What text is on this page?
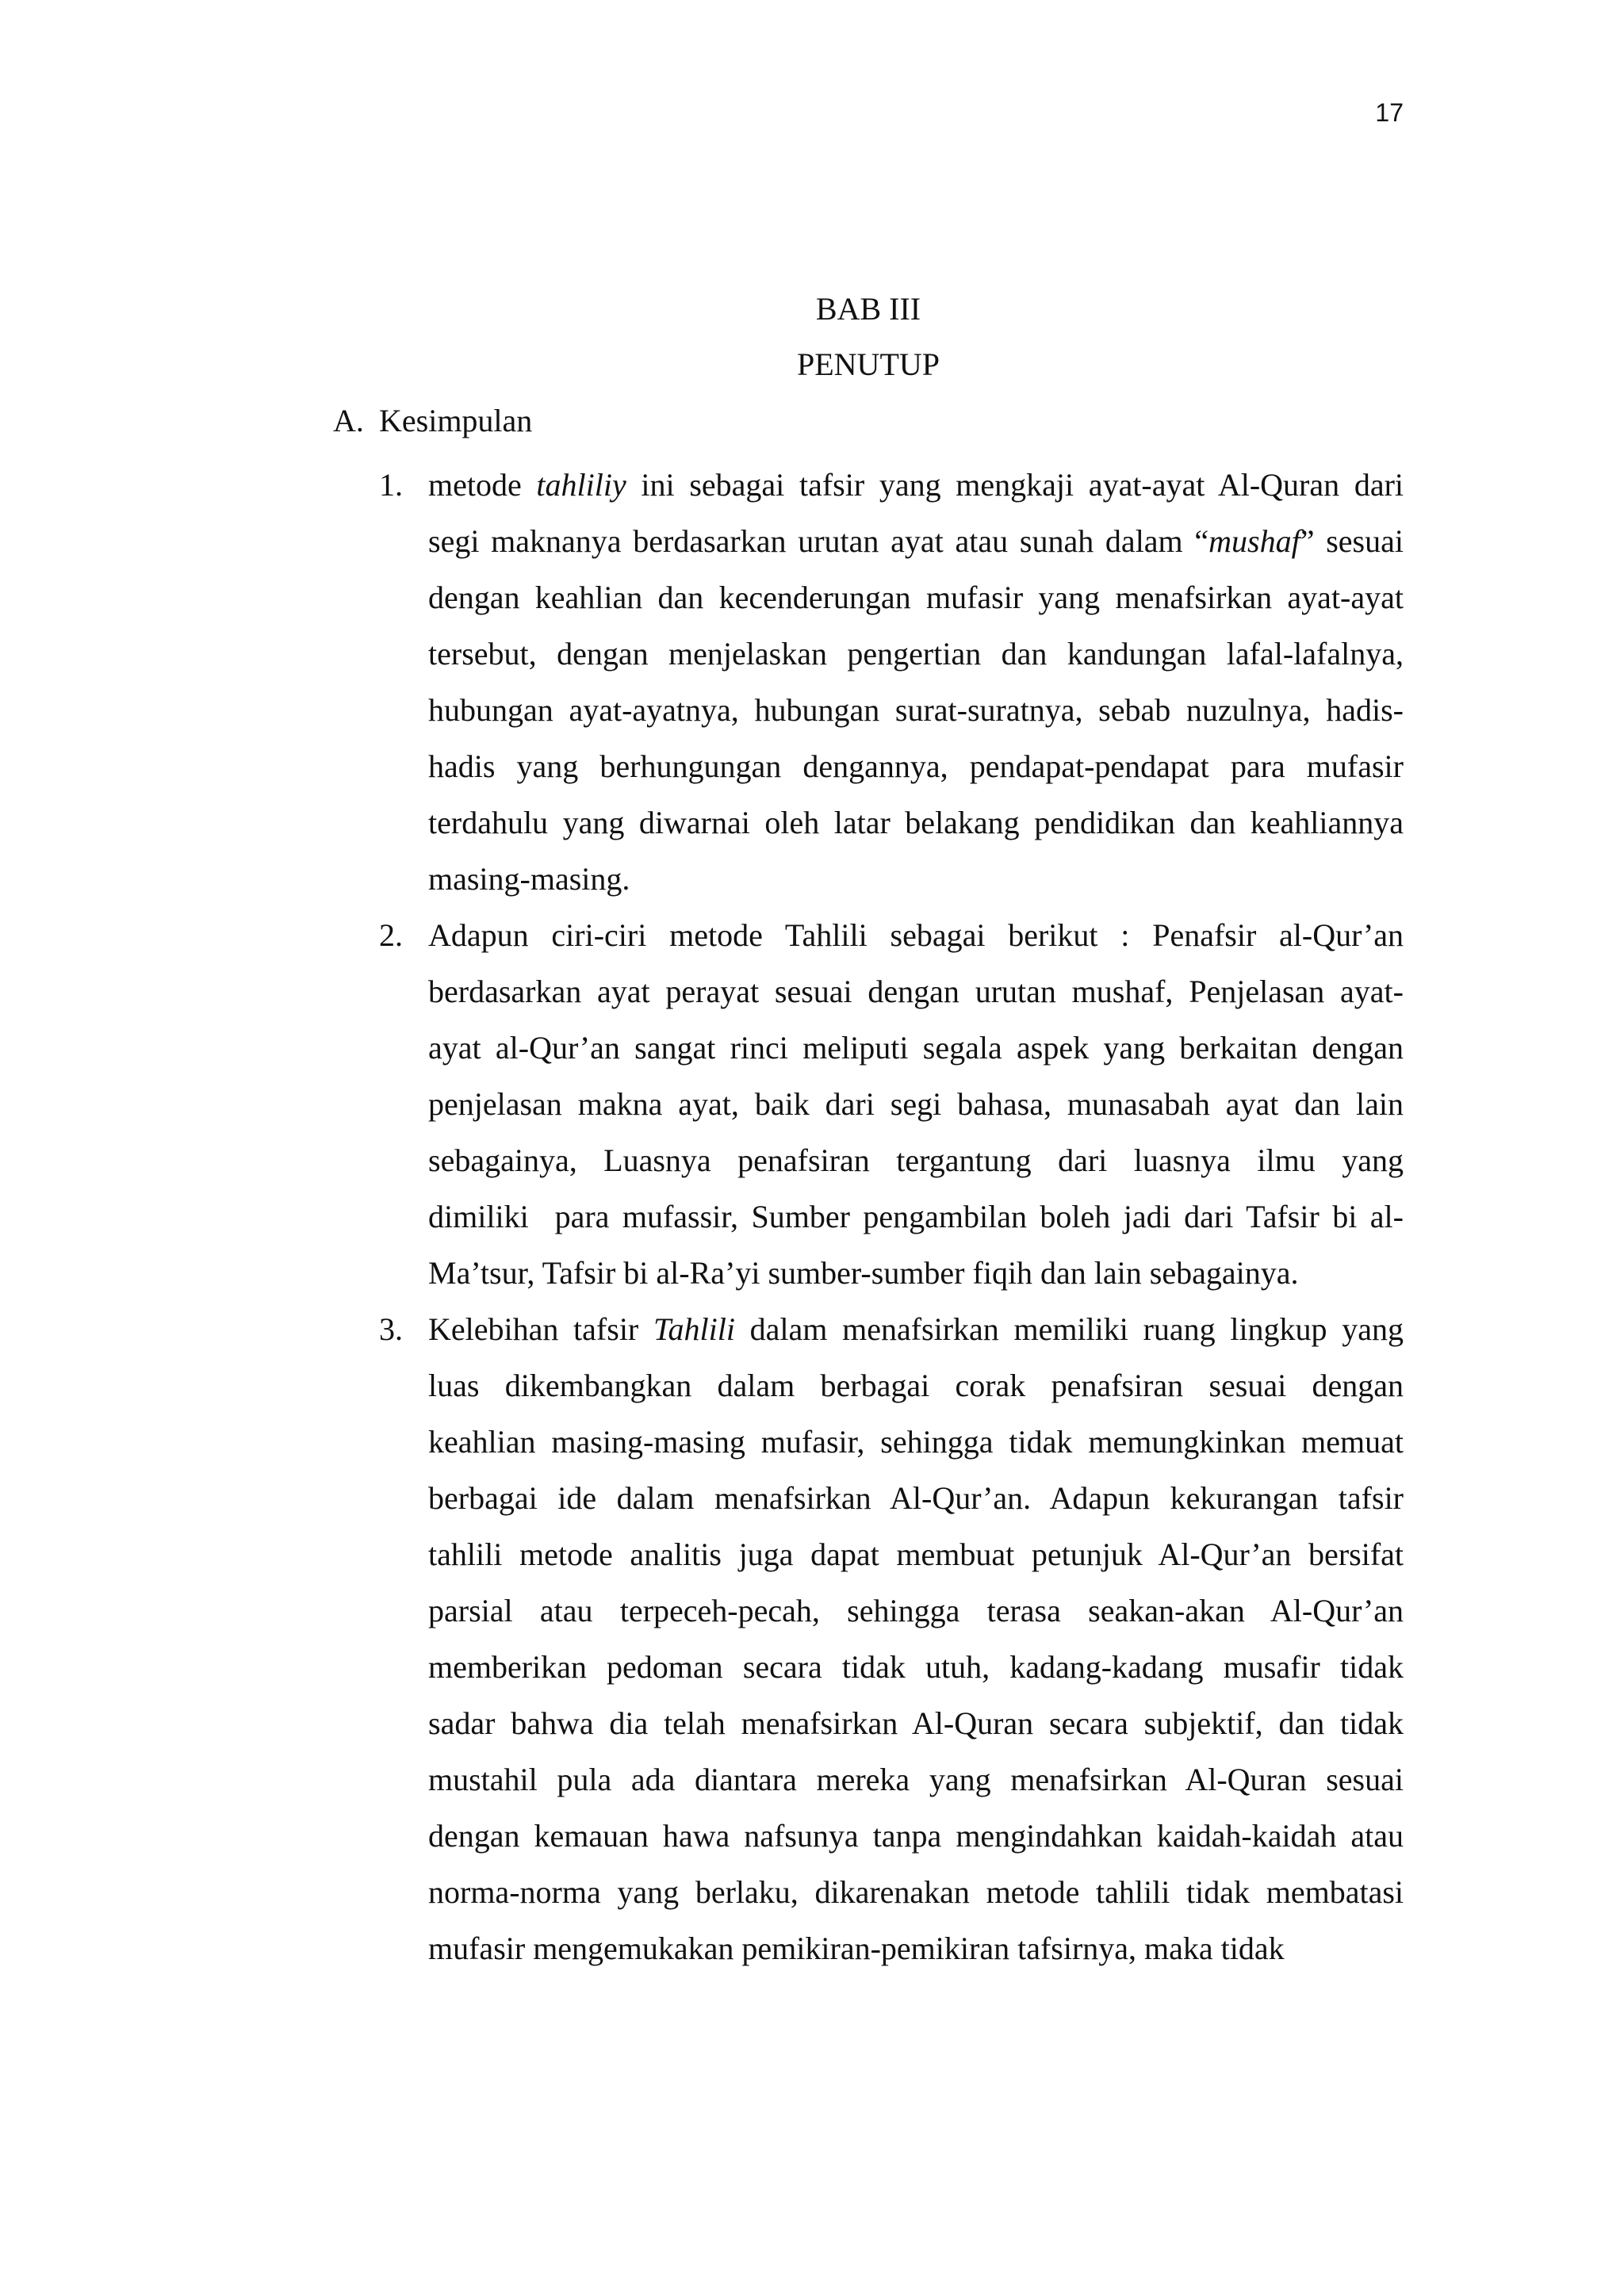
17
BAB III
PENUTUP
A. Kesimpulan
1. metode tahliliy ini sebagai tafsir yang mengkaji ayat-ayat Al-Quran dari
segi maknanya berdasarkan urutan ayat atau sunah dalam “mushaf” sesuai
dengan keahlian dan kecenderungan mufasir yang menafsirkan ayat-ayat
tersebut, dengan menjelaskan pengertian dan kandungan lafal-lafalnya,
hubungan ayat-ayatnya, hubungan surat-suratnya, sebab nuzulnya, hadis-
hadis yang berhungungan dengannya, pendapat-pendapat para mufasir
terdahulu yang diwarnai oleh latar belakang pendidikan dan keahliannya
masing-masing.
2. Adapun ciri-ciri metode Tahlili sebagai berikut : Penafsir al-Qur’an
berdasarkan ayat perayat sesuai dengan urutan mushaf, Penjelasan ayat-
ayat al-Qur’an sangat rinci meliputi segala aspek yang berkaitan dengan
penjelasan makna ayat, baik dari segi bahasa, munasabah ayat dan lain
sebagainya, Luasnya penafsiran tergantung dari luasnya ilmu yang
dimiliki  para mufassir, Sumber pengambilan boleh jadi dari Tafsir bi al-
Ma’tsur, Tafsir bi al-Ra’yi sumber-sumber fiqih dan lain sebagainya.
3. Kelebihan tafsir Tahlili dalam menafsirkan memiliki ruang lingkup yang
luas dikembangkan dalam berbagai corak penafsiran sesuai dengan
keahlian masing-masing mufasir, sehingga tidak memungkinkan memuat
berbagai ide dalam menafsirkan Al-Qur’an. Adapun kekurangan tafsir
tahlili metode analitis juga dapat membuat petunjuk Al-Qur’an bersifat
parsial atau terpeceh-pecah, sehingga terasa seakan-akan Al-Qur’an
memberikan pedoman secara tidak utuh, kadang-kadang musafir tidak
sadar bahwa dia telah menafsirkan Al-Quran secara subjektif, dan tidak
mustahil pula ada diantara mereka yang menafsirkan Al-Quran sesuai
dengan kemauan hawa nafsunya tanpa mengindahkan kaidah-kaidah atau
norma-norma yang berlaku, dikarenakan metode tahlili tidak membatasi
mufasir mengemukakan pemikiran-pemikiran tafsirnya, maka tidak
